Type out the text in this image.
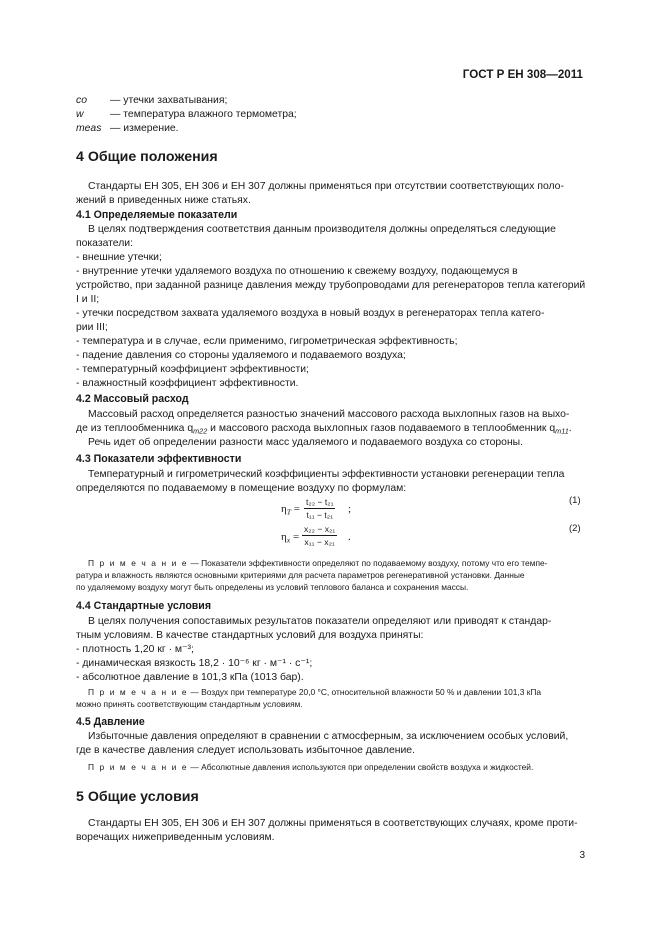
ГОСТ Р ЕН 308—2011
co — утечки захватывания;
w	— температура влажного термометра;
meas — измерение.
4 Общие положения
Стандарты ЕН 305, ЕН 306 и ЕН 307 должны применяться при отсутствии соответствующих поло-
жений в приведенных ниже статьях.
4.1 Определяемые показатели
В целях подтверждения соответствия данным производителя должны определяться следующие
показатели:
- внешние утечки;
- внутренние утечки удаляемого воздуха по отношению к свежему воздуху, подающемуся в
устройство, при заданной разнице давления между трубопроводами для регенераторов тепла категорий
I и II;
- утечки посредством захвата удаляемого воздуха в новый воздух в регенераторах тепла катего-
рии III;
- температура и в случае, если применимо, гигрометрическая эффективность;
- падение давления со стороны удаляемого и подаваемого воздуха;
- температурный коэффициент эффективности;
- влажностный коэффициент эффективности.
4.2 Массовый расход
Массовый расход определяется разностью значений массового расхода выхлопных газов на выхо-
де из теплообменника $q_{m22}$ и массового расхода выхлопных газов подаваемого в теплообменник $q_{m11}$.
Речь идет об определении разности масс удаляемого и подаваемого воздуха со стороны.
4.3 Показатели эффективности
Температурный и гигрометрический коэффициенты эффективности установки регенерации тепла
определяются по подаваемому в помещение воздуху по формулам:
$\eta_T = \frac{\text{t₂₂ − t₂₁}}{\text{t₁₁ − t₂₁}}$ ;
(1)
$\eta_x = \frac{\text{x₂₂ − x₂₁}}{\text{x₁₁ − x₂₁}}$ .
(2)
П р и м е ч а н и е — Показатели эффективности определяют по подаваемому воздуху, потому что его темпе-
ратура и влажность являются основными критериями для расчета параметров регенеративной установки. Данные
по удаляемому воздуху могут быть определены из условий теплового баланса и сохранения массы.
4.4 Стандартные условия
В целях получения сопоставимых результатов показатели определяют или приводят к стандар-
тным условиям. В качестве стандартных условий для воздуха приняты:
- плотность 1,20 кг · м⁻³;
- динамическая вязкость 18,2 · 10⁻⁶ кг · м⁻¹ · с⁻¹;
- абсолютное давление в 101,3 кПа (1013 бар).
П р и м е ч а н и е — Воздух при температуре 20,0 °С, относительной влажности 50 % и давлении 101,3 кПа
можно принять соответствующим стандартным условиям.
4.5 Давление
Избыточные давления определяют в сравнении с атмосферным, за исключением особых условий,
где в качестве давления следует использовать избыточное давление.
П р и м е ч а н и е — Абсолютные давления используются при определении свойств воздуха и жидкостей.
5 Общие условия
Стандарты ЕН 305, ЕН 306 и ЕН 307 должны применяться в соответствующих случаях, кроме проти-
воречащих нижеприведенным условиям.
3
